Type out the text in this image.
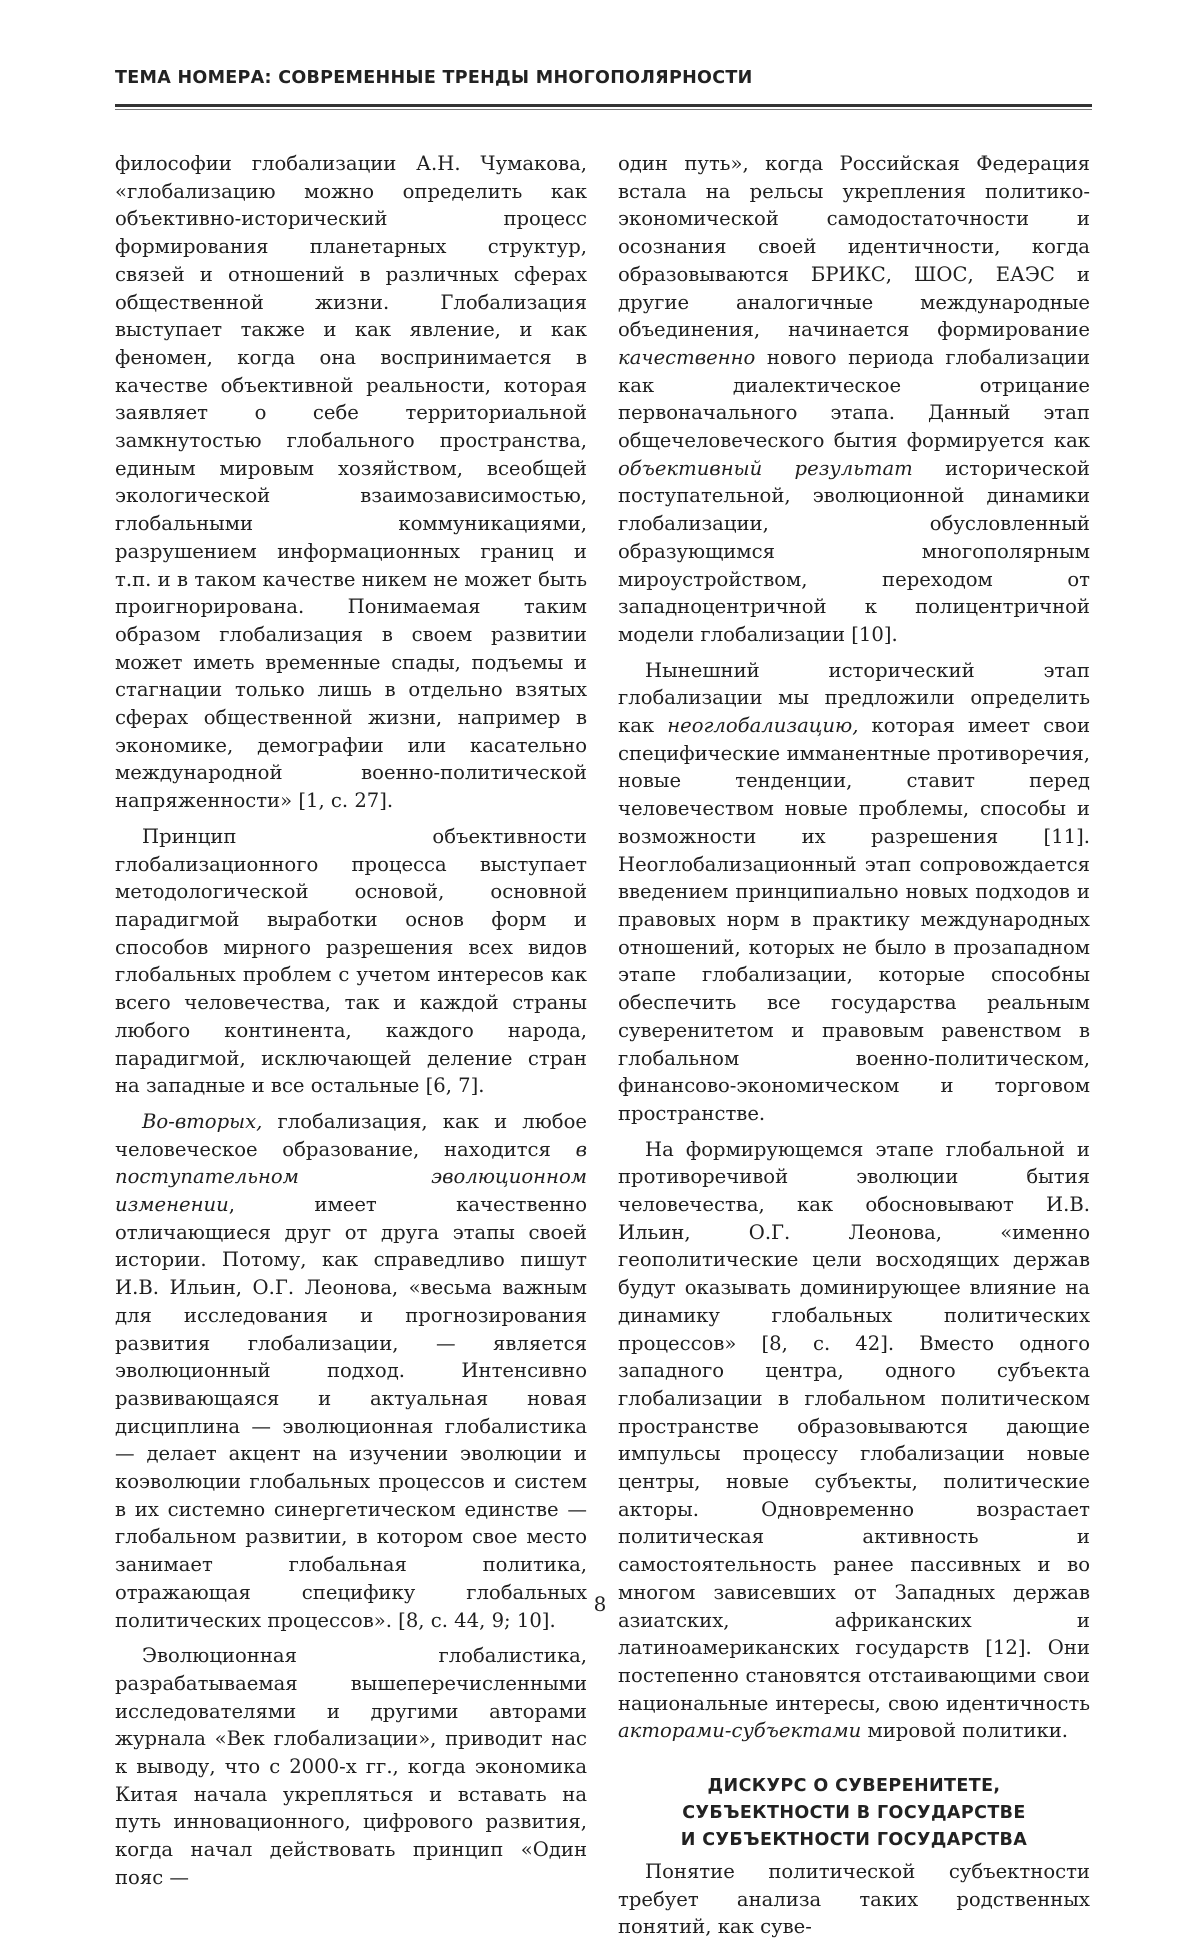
ТЕМА НОМЕРА: СОВРЕМЕННЫЕ ТРЕНДЫ МНОГОПОЛЯРНОСТИ

философии глобализации А.Н. Чумакова, «глобализацию можно определить как объективно-исторический процесс формирования планетарных структур, связей и отношений в различных сферах общественной жизни. Глобализация выступает также и как явление, и как феномен, когда она воспринимается в качестве объективной реальности, которая заявляет о себе территориальной замкнутостью глобального пространства, единым мировым хозяйством, всеобщей экологической взаимозависимостью, глобальными коммуникациями, разрушением информационных границ и т.п. и в таком качестве никем не может быть проигнорирована. Понимаемая таким образом глобализация в своем развитии может иметь временные спады, подъемы и стагнации только лишь в отдельно взятых сферах общественной жизни, например в экономике, демографии или касательно международной военно-политической напряженности» [1, с. 27].

Принцип объективности глобализационного процесса выступает методологической основой, основной парадигмой выработки основ форм и способов мирного разрешения всех видов глобальных проблем с учетом интересов как всего человечества, так и каждой страны любого континента, каждого народа, парадигмой, исключающей деление стран на западные и все остальные [6, 7].

Во-вторых, глобализация, как и любое человеческое образование, находится в поступательном эволюционном изменении, имеет качественно отличающиеся друг от друга этапы своей истории. Потому, как справедливо пишут И.В. Ильин, О.Г. Леонова, «весьма важным для исследования и прогнозирования развития глобализации, — является эволюционный подход. Интенсивно развивающаяся и актуальная новая дисциплина — эволюционная глобалистика — делает акцент на изучении эволюции и коэволюции глобальных процессов и систем в их системно синергетическом единстве — глобальном развитии, в котором свое место занимает глобальная политика, отражающая специфику глобальных политических процессов». [8, с. 44, 9; 10].

Эволюционная глобалистика, разрабатываемая вышеперечисленными исследователями и другими авторами журнала «Век глобализации», приводит нас к выводу, что с 2000-х гг., когда экономика Китая начала укрепляться и вставать на путь инновационного, цифрового развития, когда начал действовать принцип «Один пояс —

один путь», когда Российская Федерация встала на рельсы укрепления политико-экономической самодостаточности и осознания своей идентичности, когда образовываются БРИКС, ШОС, ЕАЭС и другие аналогичные международные объединения, начинается формирование качественно нового периода глобализации как диалектическое отрицание первоначального этапа. Данный этап общечеловеческого бытия формируется как объективный результат исторической поступательной, эволюционной динамики глобализации, обусловленный образующимся многополярным мироустройством, переходом от западноцентричной к полицентричной модели глобализации [10].

Нынешний исторический этап глобализации мы предложили определить как неоглобализацию, которая имеет свои специфические имманентные противоречия, новые тенденции, ставит перед человечеством новые проблемы, способы и возможности их разрешения [11]. Неоглобализационный этап сопровождается введением принципиально новых подходов и правовых норм в практику международных отношений, которых не было в прозападном этапе глобализации, которые способны обеспечить все государства реальным суверенитетом и правовым равенством в глобальном военно-политическом, финансово-экономическом и торговом пространстве.

На формирующемся этапе глобальной и противоречивой эволюции бытия человечества, как обосновывают И.В. Ильин, О.Г. Леонова, «именно геополитические цели восходящих держав будут оказывать доминирующее влияние на динамику глобальных политических процессов» [8, с. 42]. Вместо одного западного центра, одного субъекта глобализации в глобальном политическом пространстве образовываются дающие импульсы процессу глобализации новые центры, новые субъекты, политические акторы. Одновременно возрастает политическая активность и самостоятельность ранее пассивных и во многом зависевших от Западных держав азиатских, африканских и латиноамериканских государств [12]. Они постепенно становятся отстаивающими свои национальные интересы, свою идентичность акторами-субъектами мировой политики.

ДИСКУРС О СУВЕРЕНИТЕТЕ,
СУБЪЕКТНОСТИ В ГОСУДАРСТВЕ
И СУБЪЕКТНОСТИ ГОСУДАРСТВА

Понятие политической субъектности требует анализа таких родственных понятий, как суве-

8
